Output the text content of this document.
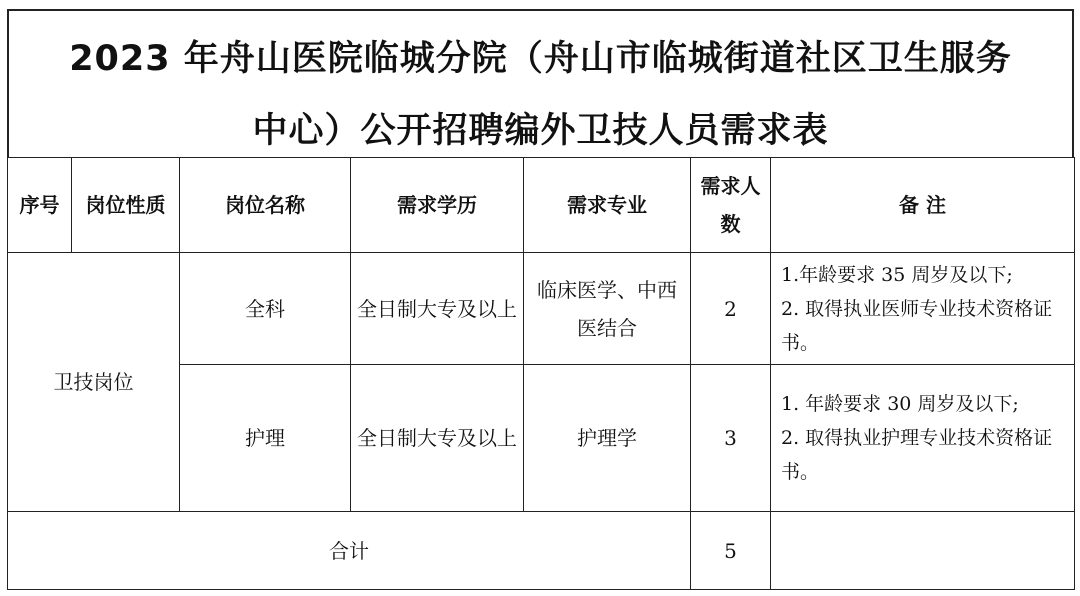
2023 年舟山医院临城分院（舟山市临城街道社区卫生服务
中心）公开招聘编外卫技人员需求表
序号	岗位性质	岗位名称	需求学历	需求专业	需求人数	备 注
卫技岗位		全科	全日制大专及以上	临床医学、中西医结合	2	1.年龄要求 35 周岁及以下;
2. 取得执业医师专业技术资格证书。

		护理	全日制大专及以上	护理学	3	1. 年龄要求 30 周岁及以下;
2. 取得执业护理专业技术资格证书。

合计					5	
